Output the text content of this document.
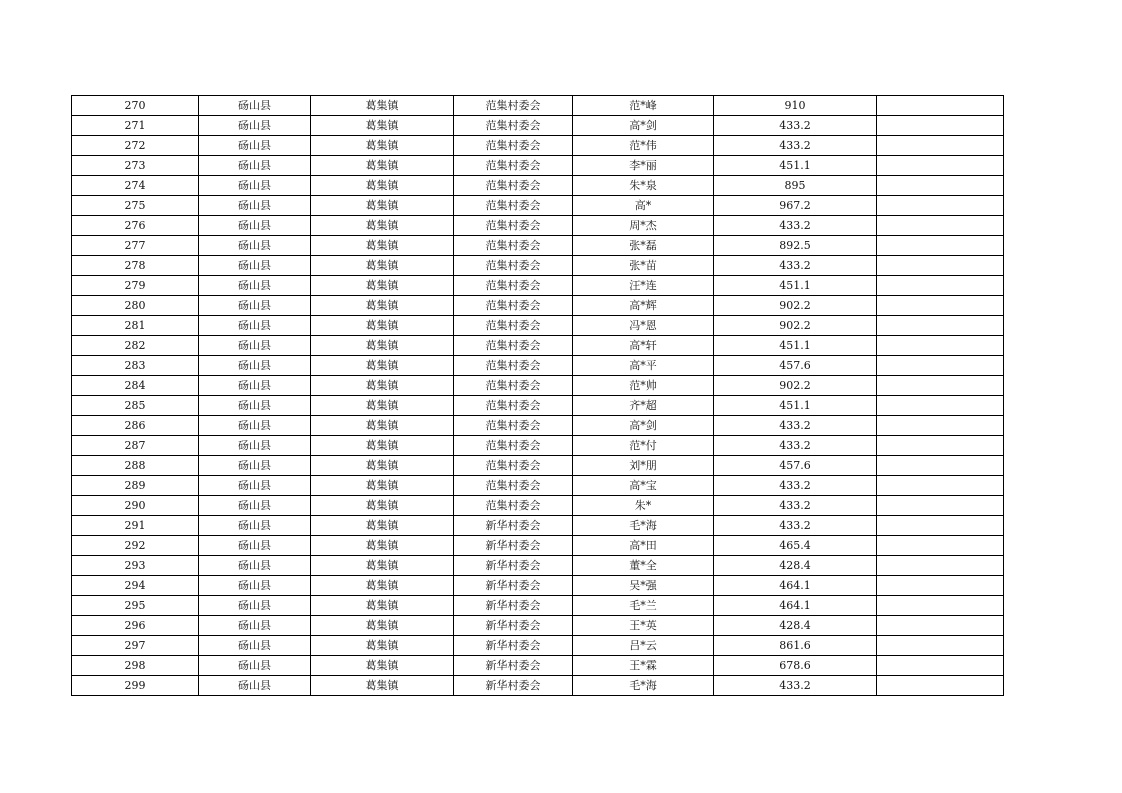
270	砀山县	葛集镇	范集村委会	范*峰	910	
271	砀山县	葛集镇	范集村委会	高*剑	433.2	
272	砀山县	葛集镇	范集村委会	范*伟	433.2	
273	砀山县	葛集镇	范集村委会	李*丽	451.1	
274	砀山县	葛集镇	范集村委会	朱*泉	895	
275	砀山县	葛集镇	范集村委会	高*	967.2	
276	砀山县	葛集镇	范集村委会	周*杰	433.2	
277	砀山县	葛集镇	范集村委会	张*磊	892.5	
278	砀山县	葛集镇	范集村委会	张*苗	433.2	
279	砀山县	葛集镇	范集村委会	汪*连	451.1	
280	砀山县	葛集镇	范集村委会	高*辉	902.2	
281	砀山县	葛集镇	范集村委会	冯*恩	902.2	
282	砀山县	葛集镇	范集村委会	高*轩	451.1	
283	砀山县	葛集镇	范集村委会	高*平	457.6	
284	砀山县	葛集镇	范集村委会	范*帅	902.2	
285	砀山县	葛集镇	范集村委会	齐*超	451.1	
286	砀山县	葛集镇	范集村委会	高*剑	433.2	
287	砀山县	葛集镇	范集村委会	范*付	433.2	
288	砀山县	葛集镇	范集村委会	刘*朋	457.6	
289	砀山县	葛集镇	范集村委会	高*宝	433.2	
290	砀山县	葛集镇	范集村委会	朱*	433.2	
291	砀山县	葛集镇	新华村委会	毛*海	433.2	
292	砀山县	葛集镇	新华村委会	高*田	465.4	
293	砀山县	葛集镇	新华村委会	董*全	428.4	
294	砀山县	葛集镇	新华村委会	吴*强	464.1	
295	砀山县	葛集镇	新华村委会	毛*兰	464.1	
296	砀山县	葛集镇	新华村委会	王*英	428.4	
297	砀山县	葛集镇	新华村委会	吕*云	861.6	
298	砀山县	葛集镇	新华村委会	王*霖	678.6	
299	砀山县	葛集镇	新华村委会	毛*海	433.2	
